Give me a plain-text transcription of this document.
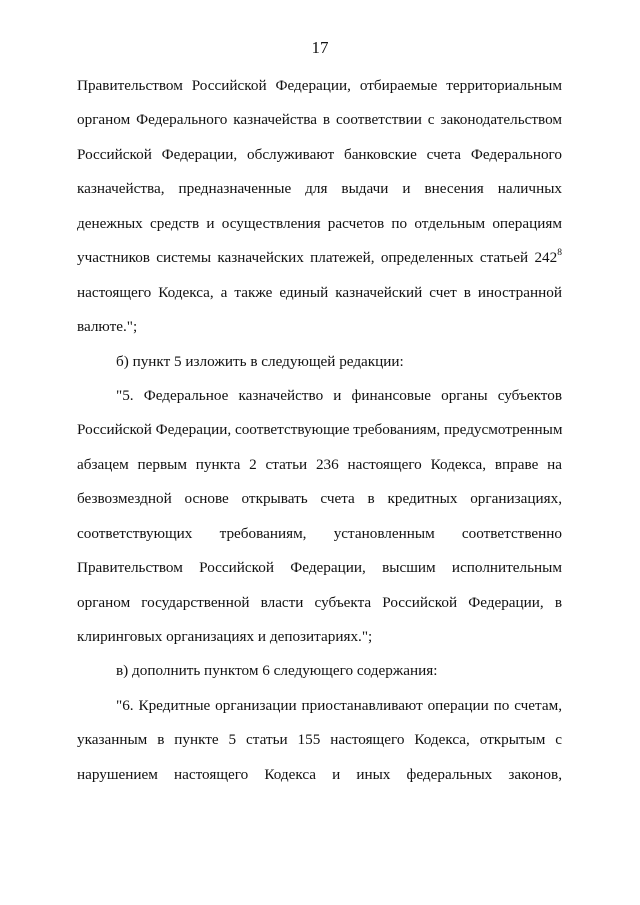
17
Правительством Российской Федерации, отбираемые территориальным
органом Федерального казначейства в соответствии с законодательством
Российской Федерации, обслуживают банковские счета Федерального
казначейства, предназначенные для выдачи и внесения наличных
денежных средств и осуществления расчетов по отдельным операциям
участников системы казначейских платежей, определенных статьей $242^8$
настоящего Кодекса, а также единый казначейский счет в иностранной
валюте.";
б) пункт 5 изложить в следующей редакции:
"5. Федеральное казначейство и финансовые органы субъектов
Российской Федерации, соответствующие требованиям, предусмотренным
абзацем первым пункта 2 статьи 236 настоящего Кодекса, вправе на
безвозмездной основе открывать счета в кредитных организациях,
соответствующих требованиям, установленным соответственно
Правительством Российской Федерации, высшим исполнительным
органом государственной власти субъекта Российской Федерации, в
клиринговых организациях и депозитариях.";
в) дополнить пунктом 6 следующего содержания:
"6. Кредитные организации приостанавливают операции по счетам,
указанным в пункте 5 статьи 155 настоящего Кодекса, открытым с
нарушением настоящего Кодекса и иных федеральных законов,
